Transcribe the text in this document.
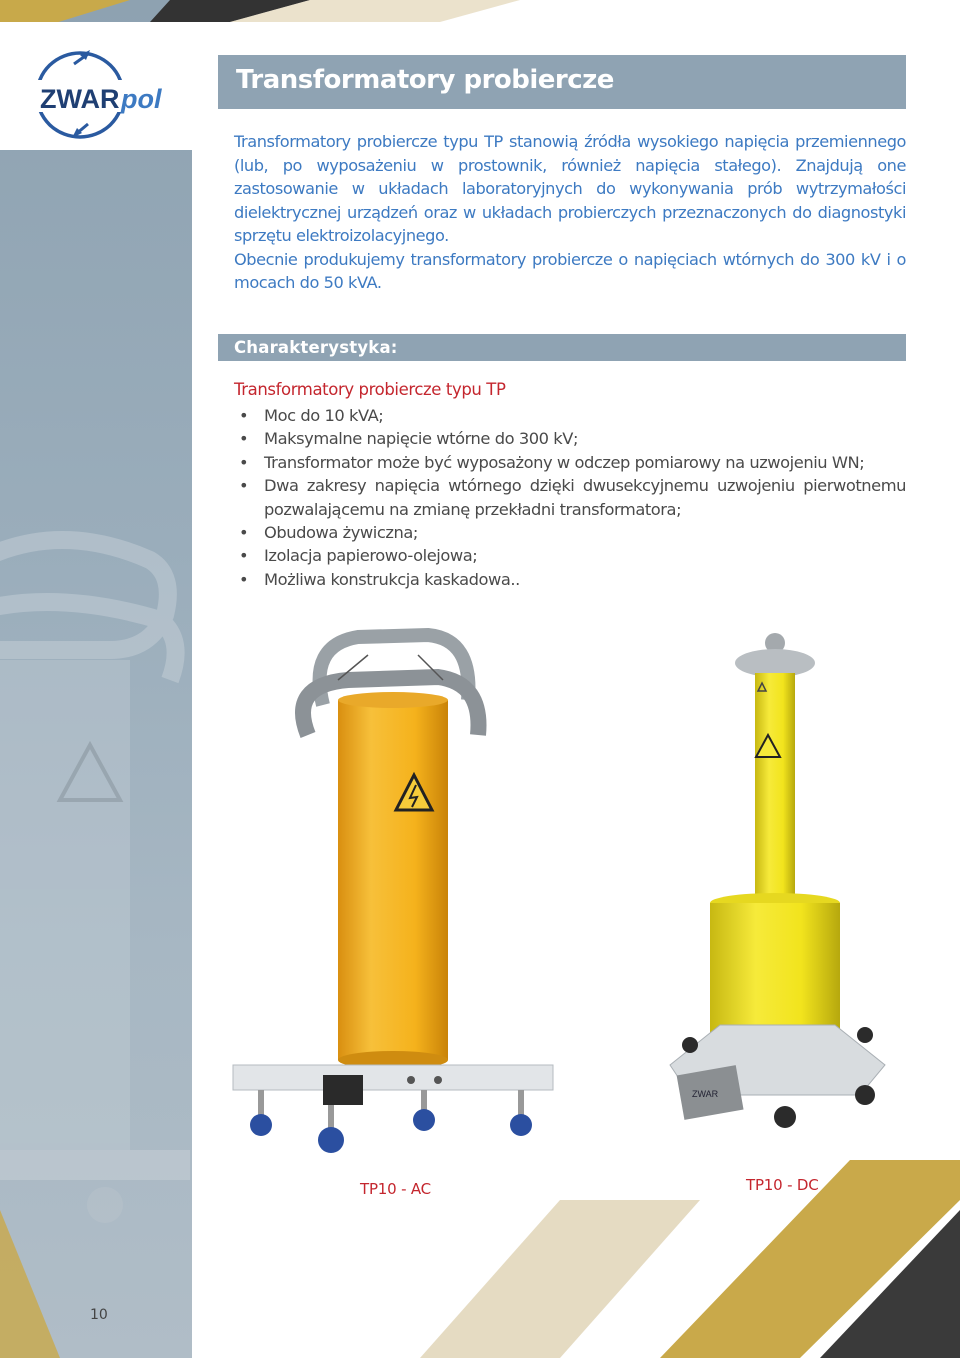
ZWAR pol
Transformatory probiercze

Transformatory probiercze typu TP stanowią źródła wysokiego napięcia przemiennego (lub, po wyposażeniu w prostownik, również napięcia stałego). Znajdują one zastosowanie w układach laboratoryjnych do wykonywania prób wytrzymałości dielektrycznej urządzeń oraz w układach probierczych przeznaczonych do diagnostyki sprzętu elektroizolacyjnego.

Obecnie produkujemy transformatory probiercze o napięciach wtórnych do 300 kV i o mocach do 50 kVA.

Charakterystyka:
Transformatory probiercze typu TP
• Moc do 10 kVA;
• Maksymalne napięcie wtórne do 300 kV;
• Transformator może być wyposażony w odczep pomiarowy na uzwojeniu WN;
• Dwa zakresy napięcia wtórnego dzięki dwusekcyjnemu uzwojeniu pierwotnemu pozwalającemu na zmianę przekładni transformatora;
• Obudowa żywiczna;
• Izolacja papierowo-olejowa;
• Możliwa konstrukcja kaskadowa..
TP10 - AC
ZWAR
TP10 - DC
10
